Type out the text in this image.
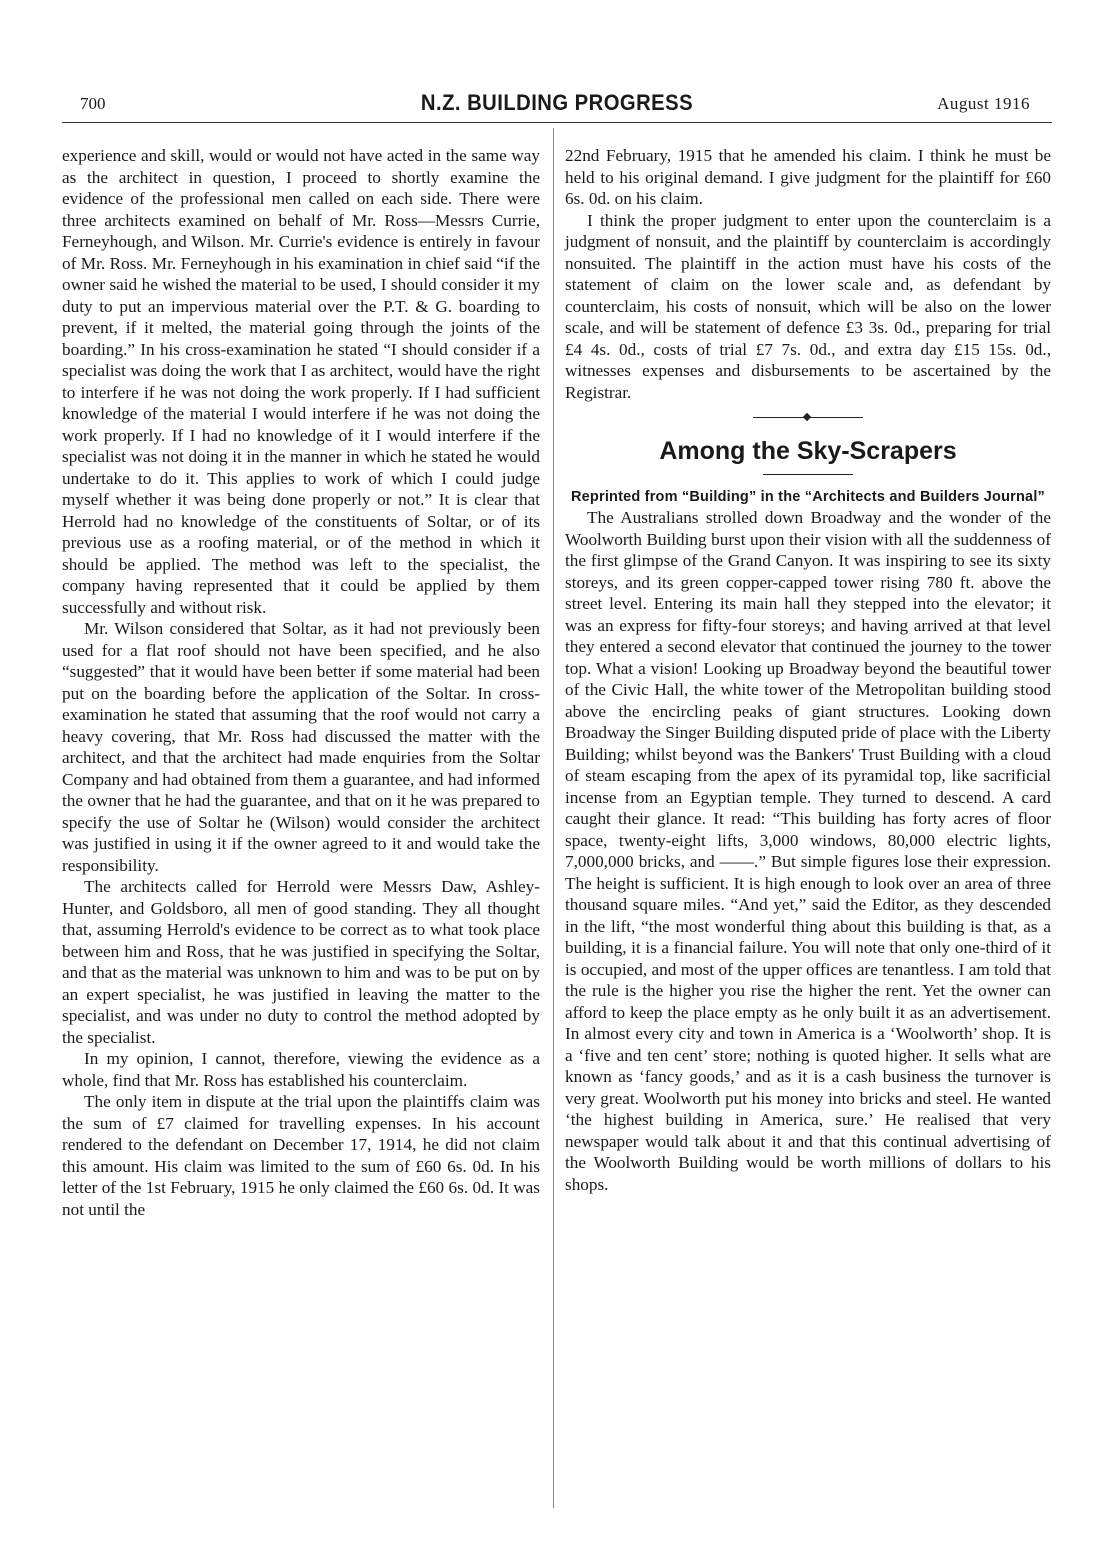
700	N.Z. BUILDING PROGRESS	August 1916

experience and skill, would or would not have acted in the same way as the architect in question, I proceed to shortly examine the evidence of the professional men called on each side. There were three architects examined on behalf of Mr. Ross—Messrs Currie, Ferneyhough, and Wilson. Mr. Currie's evidence is entirely in favour of Mr. Ross. Mr. Ferneyhough in his examination in chief said “if the owner said he wished the material to be used, I should consider it my duty to put an impervious material over the P.T. & G. boarding to prevent, if it melted, the material going through the joints of the boarding.” In his cross-examination he stated “I should consider if a specialist was doing the work that I as architect, would have the right to interfere if he was not doing the work properly. If I had sufficient knowledge of the material I would interfere if he was not doing the work properly. If I had no knowledge of it I would interfere if the specialist was not doing it in the manner in which he stated he would undertake to do it. This applies to work of which I could judge myself whether it was being done properly or not.” It is clear that Herrold had no knowledge of the constituents of Soltar, or of its previous use as a roofing material, or of the method in which it should be applied. The method was left to the specialist, the company having represented that it could be applied by them successfully and without risk.

Mr. Wilson considered that Soltar, as it had not previously been used for a flat roof should not have been specified, and he also “suggested” that it would have been better if some material had been put on the boarding before the application of the Soltar. In cross-examination he stated that assuming that the roof would not carry a heavy covering, that Mr. Ross had discussed the matter with the architect, and that the architect had made enquiries from the Soltar Company and had obtained from them a guarantee, and had informed the owner that he had the guarantee, and that on it he was prepared to specify the use of Soltar he (Wilson) would consider the architect was justified in using it if the owner agreed to it and would take the responsibility.

The architects called for Herrold were Messrs Daw, Ashley-Hunter, and Goldsboro, all men of good standing. They all thought that, assuming Herrold's evidence to be correct as to what took place between him and Ross, that he was justified in specifying the Soltar, and that as the material was unknown to him and was to be put on by an expert specialist, he was justified in leaving the matter to the specialist, and was under no duty to control the method adopted by the specialist.

In my opinion, I cannot, therefore, viewing the evidence as a whole, find that Mr. Ross has established his counterclaim.

The only item in dispute at the trial upon the plaintiffs claim was the sum of £7 claimed for travelling expenses. In his account rendered to the defendant on December 17, 1914, he did not claim this amount. His claim was limited to the sum of £60 6s. 0d. In his letter of the 1st February, 1915 he only claimed the £60 6s. 0d. It was not until the

22nd February, 1915 that he amended his claim. I think he must be held to his original demand. I give judgment for the plaintiff for £60 6s. 0d. on his claim.

I think the proper judgment to enter upon the counterclaim is a judgment of nonsuit, and the plaintiff by counterclaim is accordingly nonsuited. The plaintiff in the action must have his costs of the statement of claim on the lower scale and, as defendant by counterclaim, his costs of nonsuit, which will be also on the lower scale, and will be statement of defence £3 3s. 0d., preparing for trial £4 4s. 0d., costs of trial £7 7s. 0d., and extra day £15 15s. 0d., witnesses expenses and disbursements to be ascertained by the Registrar.

Among the Sky-Scrapers
Reprinted from “Building” in the “Architects and Builders Journal”

The Australians strolled down Broadway and the wonder of the Woolworth Building burst upon their vision with all the suddenness of the first glimpse of the Grand Canyon. It was inspiring to see its sixty storeys, and its green copper-capped tower rising 780 ft. above the street level. Entering its main hall they stepped into the elevator; it was an express for fifty-four storeys; and having arrived at that level they entered a second elevator that continued the journey to the tower top. What a vision! Looking up Broadway beyond the beautiful tower of the Civic Hall, the white tower of the Metropolitan building stood above the encircling peaks of giant structures. Looking down Broadway the Singer Building disputed pride of place with the Liberty Building; whilst beyond was the Bankers' Trust Building with a cloud of steam escaping from the apex of its pyramidal top, like sacrificial incense from an Egyptian temple. They turned to descend. A card caught their glance. It read: “This building has forty acres of floor space, twenty-eight lifts, 3,000 windows, 80,000 electric lights, 7,000,000 bricks, and ——.” But simple figures lose their expression. The height is sufficient. It is high enough to look over an area of three thousand square miles. “And yet,” said the Editor, as they descended in the lift, “the most wonderful thing about this building is that, as a building, it is a financial failure. You will note that only one-third of it is occupied, and most of the upper offices are tenantless. I am told that the rule is the higher you rise the higher the rent. Yet the owner can afford to keep the place empty as he only built it as an advertisement. In almost every city and town in America is a ‘Woolworth’ shop. It is a ‘five and ten cent’ store; nothing is quoted higher. It sells what are known as ‘fancy goods,’ and as it is a cash business the turnover is very great. Woolworth put his money into bricks and steel. He wanted ‘the highest building in America, sure.’ He realised that very newspaper would talk about it and that this continual advertising of the Woolworth Building would be worth millions of dollars to his shops.
